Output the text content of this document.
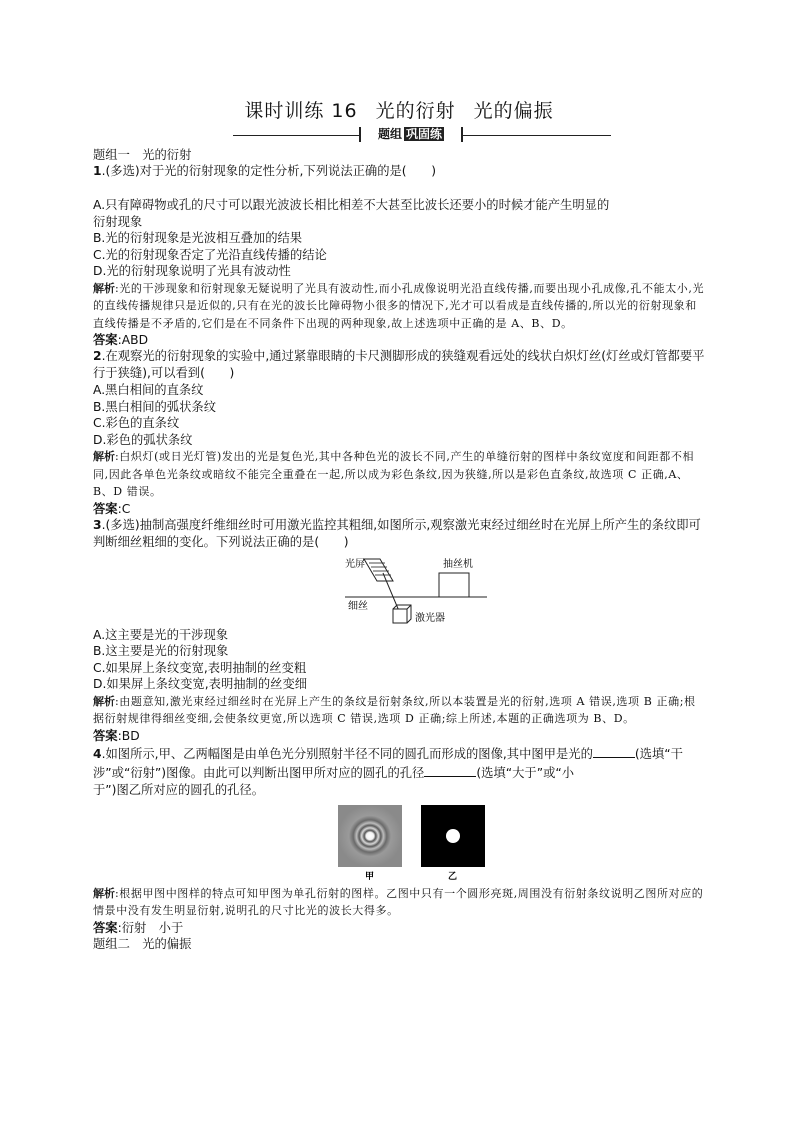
课时训练 16 光的衍射 光的偏振
题组 巩固练

题组一　光的衍射

1.(多选)对于光的衍射现象的定性分析,下列说法正确的是(　　)

A.只有障碍物或孔的尺寸可以跟光波波长相比相差不大甚至比波长还要小的时候才能产生明显的

衍射现象

B.光的衍射现象是光波相互叠加的结果

C.光的衍射现象否定了光沿直线传播的结论

D.光的衍射现象说明了光具有波动性

解析:光的干涉现象和衍射现象无疑说明了光具有波动性,而小孔成像说明光沿直线传播,而要出现小孔成像,孔不能太小,光的直线传播规律只是近似的,只有在光的波长比障碍物小很多的情况下,光才可以看成是直线传播的,所以光的衍射现象和直线传播是不矛盾的,它们是在不同条件下出现的两种现象,故上述选项中正确的是 A、B、D。

答案:ABD

2.在观察光的衍射现象的实验中,通过紧靠眼睛的卡尺测脚形成的狭缝观看远处的线状白炽灯丝(灯丝或灯管都要平行于狭缝),可以看到(　　)

A.黑白相间的直条纹

B.黑白相间的弧状条纹

C.彩色的直条纹

D.彩色的弧状条纹

解析:白炽灯(或日光灯管)发出的光是复色光,其中各种色光的波长不同,产生的单缝衍射的图样中条纹宽度和间距都不相同,因此各单色光条纹或暗纹不能完全重叠在一起,所以成为彩色条纹,因为狭缝,所以是彩色直条纹,故选项 C 正确,A、B、D 错误。

答案:C

3.(多选)抽制高强度纤维细丝时可用激光监控其粗细,如图所示,观察激光束经过细丝时在光屏上所产生的条纹即可判断细丝粗细的变化。下列说法正确的是(　　)

光屏	抽丝机
细丝
激光器

A.这主要是光的干涉现象

B.这主要是光的衍射现象

C.如果屏上条纹变宽,表明抽制的丝变粗

D.如果屏上条纹变宽,表明抽制的丝变细

解析:由题意知,激光束经过细丝时在光屏上产生的条纹是衍射条纹,所以本装置是光的衍射,选项 A 错误,选项 B 正确;根据衍射规律得细丝变细,会使条纹更宽,所以选项 C 错误,选项 D 正确;综上所述,本题的正确选项为 B、D。

答案:BD

4.如图所示,甲、乙两幅图是由单色光分别照射半径不同的圆孔而形成的图像,其中图甲是光的	(选填“干涉”或“衍射”)图像。由此可以判断出图甲所对应的圆孔的孔径	(选填“大于”或“小
于”)图乙所对应的圆孔的孔径。

甲	乙

解析:根据甲图中图样的特点可知甲图为单孔衍射的图样。乙图中只有一个圆形亮斑,周围没有衍射条纹说明乙图所对应的情景中没有发生明显衍射,说明孔的尺寸比光的波长大得多。

答案:衍射　小于

题组二　光的偏振
